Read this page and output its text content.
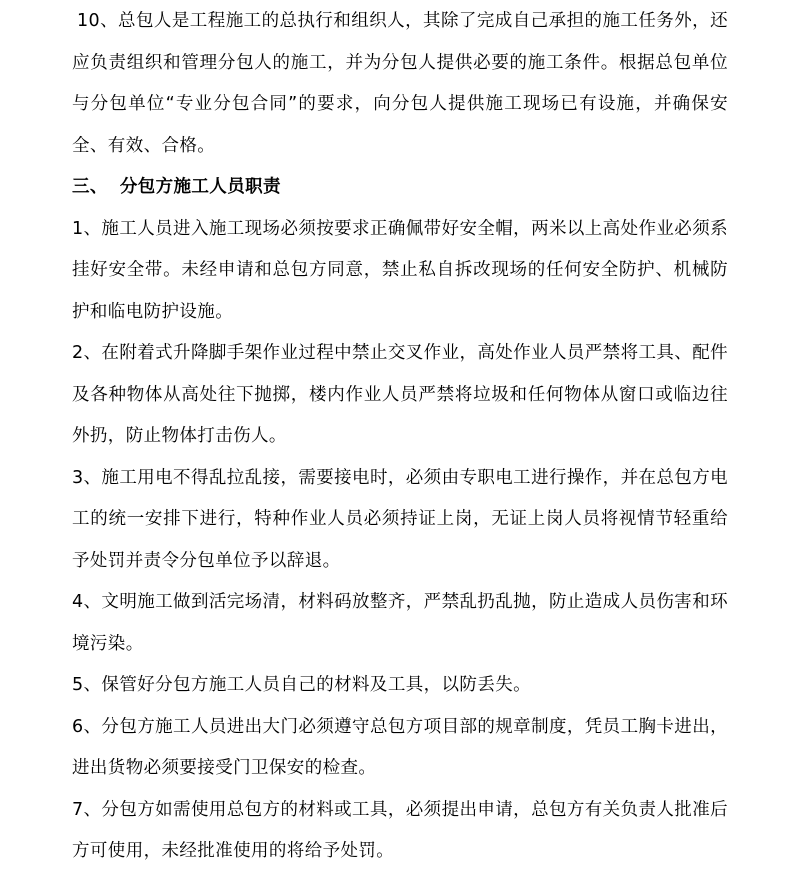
10、总包人是工程施工的总执行和组织人，其除了完成自己承担的施工任务外，还应负责组织和管理分包人的施工，并为分包人提供必要的施工条件。根据总包单位与分包单位“专业分包合同”的要求，向分包人提供施工现场已有设施，并确保安全、有效、合格。

三、 分包方施工人员职责

1、施工人员进入施工现场必须按要求正确佩带好安全帽，两米以上高处作业必须系挂好安全带。未经申请和总包方同意，禁止私自拆改现场的任何安全防护、机械防护和临电防护设施。

2、在附着式升降脚手架作业过程中禁止交叉作业，高处作业人员严禁将工具、配件及各种物体从高处往下抛掷，楼内作业人员严禁将垃圾和任何物体从窗口或临边往外扔，防止物体打击伤人。

3、施工用电不得乱拉乱接，需要接电时，必须由专职电工进行操作，并在总包方电工的统一安排下进行，特种作业人员必须持证上岗，无证上岗人员将视情节轻重给予处罚并责令分包单位予以辞退。

4、文明施工做到活完场清，材料码放整齐，严禁乱扔乱抛，防止造成人员伤害和环境污染。

5、保管好分包方施工人员自己的材料及工具，以防丢失。

6、分包方施工人员进出大门必须遵守总包方项目部的规章制度，凭员工胸卡进出，进出货物必须要接受门卫保安的检查。

7、分包方如需使用总包方的材料或工具，必须提出申请，总包方有关负责人批准后方可使用，未经批准使用的将给予处罚。
